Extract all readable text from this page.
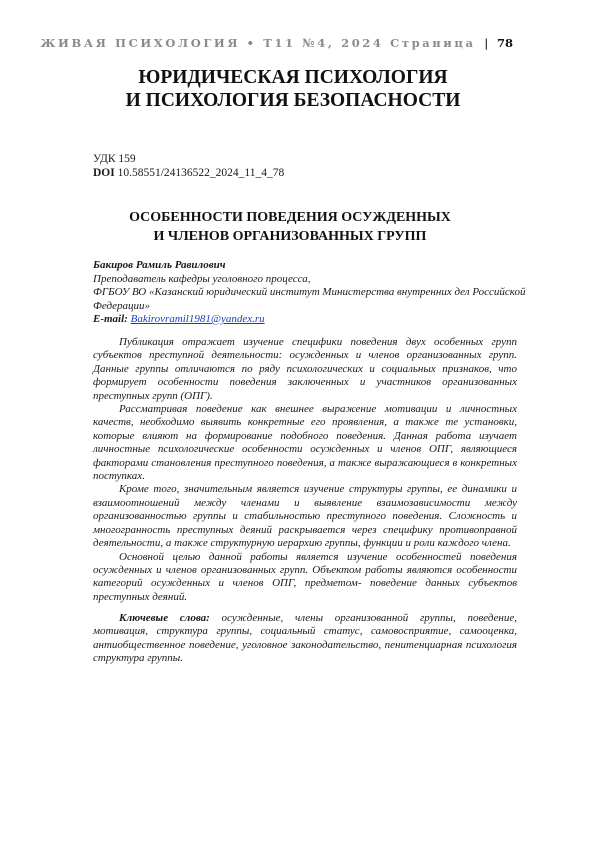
ЖИВАЯ ПСИХОЛОГИЯ • Т11 №4, 2024 Страница | 78
ЮРИДИЧЕСКАЯ ПСИХОЛОГИЯ
И ПСИХОЛОГИЯ БЕЗОПАСНОСТИ
УДК 159
DOI 10.58551/24136522_2024_11_4_78
ОСОБЕННОСТИ ПОВЕДЕНИЯ ОСУЖДЕННЫХ
И ЧЛЕНОВ ОРГАНИЗОВАННЫХ ГРУПП
Бакиров Рамиль Равилович
Преподаватель кафедры уголовного процесса,
ФГБОУ ВО «Казанский юридический институт Министерства внутренних дел Российской Федерации»
E-mail: Bakirovramil1981@yandex.ru

Публикация отражает изучение специфики поведения двух особенных групп субъектов преступной деятельности: осужденных и членов организованных групп. Данные группы отличаются по ряду психологических и социальных признаков, что формирует особенности поведения заключенных и участников организованных преступных групп (ОПГ).

Рассматривая поведение как внешнее выражение мотивации и личностных качеств, необходимо выявить конкретные его проявления, а также те установки, которые влияют на формирование подобного поведения. Данная работа изучает личностные психологические особенности осужденных и членов ОПГ, являющиеся факторами становления преступного поведения, а также выражающиеся в конкретных поступках.

Кроме того, значительным является изучение структуры группы, ее динамики и взаимоотношений между членами и выявление взаимозависимости между организованностью группы и стабильностью преступного поведения. Сложность и многогранность преступных деяний раскрывается через специфику противоправной деятельности, а также структурную иерархию группы, функции и роли каждого члена.

Основной целью данной работы является изучение особенностей поведения осужденных и членов организованных групп. Объектом работы являются особенности категорий осужденных и членов ОПГ, предметом- поведение данных субъектов преступных деяний.

Ключевые слова: осужденные, члены организованной группы, поведение, мотивация, структура группы, социальный статус, самовосприятие, самооценка, антиобщественное поведение, уголовное законодательство, пенитенциарная психология структура группы.
